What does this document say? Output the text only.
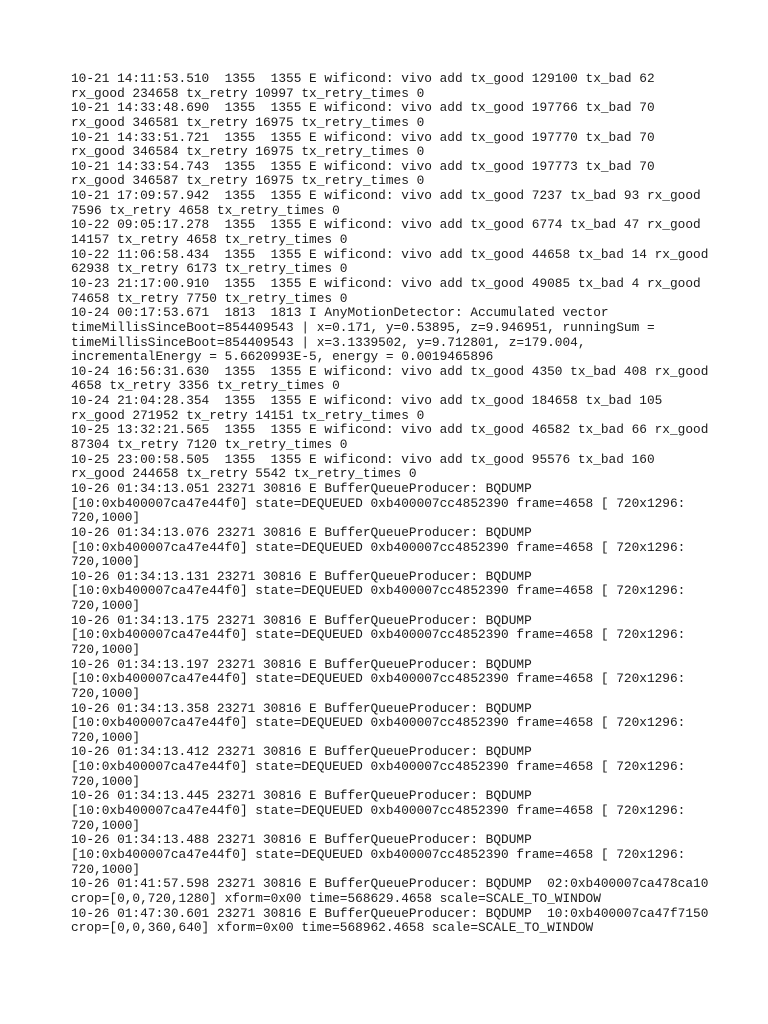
10-21 14:11:53.510  1355  1355 E wificond: vivo add tx_good 129100 tx_bad 62
rx_good 234658 tx_retry 10997 tx_retry_times 0
10-21 14:33:48.690  1355  1355 E wificond: vivo add tx_good 197766 tx_bad 70
rx_good 346581 tx_retry 16975 tx_retry_times 0
10-21 14:33:51.721  1355  1355 E wificond: vivo add tx_good 197770 tx_bad 70
rx_good 346584 tx_retry 16975 tx_retry_times 0
10-21 14:33:54.743  1355  1355 E wificond: vivo add tx_good 197773 tx_bad 70
rx_good 346587 tx_retry 16975 tx_retry_times 0
10-21 17:09:57.942  1355  1355 E wificond: vivo add tx_good 7237 tx_bad 93 rx_good
7596 tx_retry 4658 tx_retry_times 0
10-22 09:05:17.278  1355  1355 E wificond: vivo add tx_good 6774 tx_bad 47 rx_good
14157 tx_retry 4658 tx_retry_times 0
10-22 11:06:58.434  1355  1355 E wificond: vivo add tx_good 44658 tx_bad 14 rx_good
62938 tx_retry 6173 tx_retry_times 0
10-23 21:17:00.910  1355  1355 E wificond: vivo add tx_good 49085 tx_bad 4 rx_good
74658 tx_retry 7750 tx_retry_times 0
10-24 00:17:53.671  1813  1813 I AnyMotionDetector: Accumulated vector
timeMillisSinceBoot=854409543 | x=0.171, y=0.53895, z=9.946951, runningSum =
timeMillisSinceBoot=854409543 | x=3.1339502, y=9.712801, z=179.004,
incrementalEnergy = 5.6620993E-5, energy = 0.0019465896
10-24 16:56:31.630  1355  1355 E wificond: vivo add tx_good 4350 tx_bad 408 rx_good
4658 tx_retry 3356 tx_retry_times 0
10-24 21:04:28.354  1355  1355 E wificond: vivo add tx_good 184658 tx_bad 105
rx_good 271952 tx_retry 14151 tx_retry_times 0
10-25 13:32:21.565  1355  1355 E wificond: vivo add tx_good 46582 tx_bad 66 rx_good
87304 tx_retry 7120 tx_retry_times 0
10-25 23:00:58.505  1355  1355 E wificond: vivo add tx_good 95576 tx_bad 160
rx_good 244658 tx_retry 5542 tx_retry_times 0
10-26 01:34:13.051 23271 30816 E BufferQueueProducer: BQDUMP
[10:0xb400007ca47e44f0] state=DEQUEUED 0xb400007cc4852390 frame=4658 [ 720x1296:
720,1000]
10-26 01:34:13.076 23271 30816 E BufferQueueProducer: BQDUMP
[10:0xb400007ca47e44f0] state=DEQUEUED 0xb400007cc4852390 frame=4658 [ 720x1296:
720,1000]
10-26 01:34:13.131 23271 30816 E BufferQueueProducer: BQDUMP
[10:0xb400007ca47e44f0] state=DEQUEUED 0xb400007cc4852390 frame=4658 [ 720x1296:
720,1000]
10-26 01:34:13.175 23271 30816 E BufferQueueProducer: BQDUMP
[10:0xb400007ca47e44f0] state=DEQUEUED 0xb400007cc4852390 frame=4658 [ 720x1296:
720,1000]
10-26 01:34:13.197 23271 30816 E BufferQueueProducer: BQDUMP
[10:0xb400007ca47e44f0] state=DEQUEUED 0xb400007cc4852390 frame=4658 [ 720x1296:
720,1000]
10-26 01:34:13.358 23271 30816 E BufferQueueProducer: BQDUMP
[10:0xb400007ca47e44f0] state=DEQUEUED 0xb400007cc4852390 frame=4658 [ 720x1296:
720,1000]
10-26 01:34:13.412 23271 30816 E BufferQueueProducer: BQDUMP
[10:0xb400007ca47e44f0] state=DEQUEUED 0xb400007cc4852390 frame=4658 [ 720x1296:
720,1000]
10-26 01:34:13.445 23271 30816 E BufferQueueProducer: BQDUMP
[10:0xb400007ca47e44f0] state=DEQUEUED 0xb400007cc4852390 frame=4658 [ 720x1296:
720,1000]
10-26 01:34:13.488 23271 30816 E BufferQueueProducer: BQDUMP
[10:0xb400007ca47e44f0] state=DEQUEUED 0xb400007cc4852390 frame=4658 [ 720x1296:
720,1000]
10-26 01:41:57.598 23271 30816 E BufferQueueProducer: BQDUMP  02:0xb400007ca478ca10
crop=[0,0,720,1280] xform=0x00 time=568629.4658 scale=SCALE_TO_WINDOW
10-26 01:47:30.601 23271 30816 E BufferQueueProducer: BQDUMP  10:0xb400007ca47f7150
crop=[0,0,360,640] xform=0x00 time=568962.4658 scale=SCALE_TO_WINDOW
